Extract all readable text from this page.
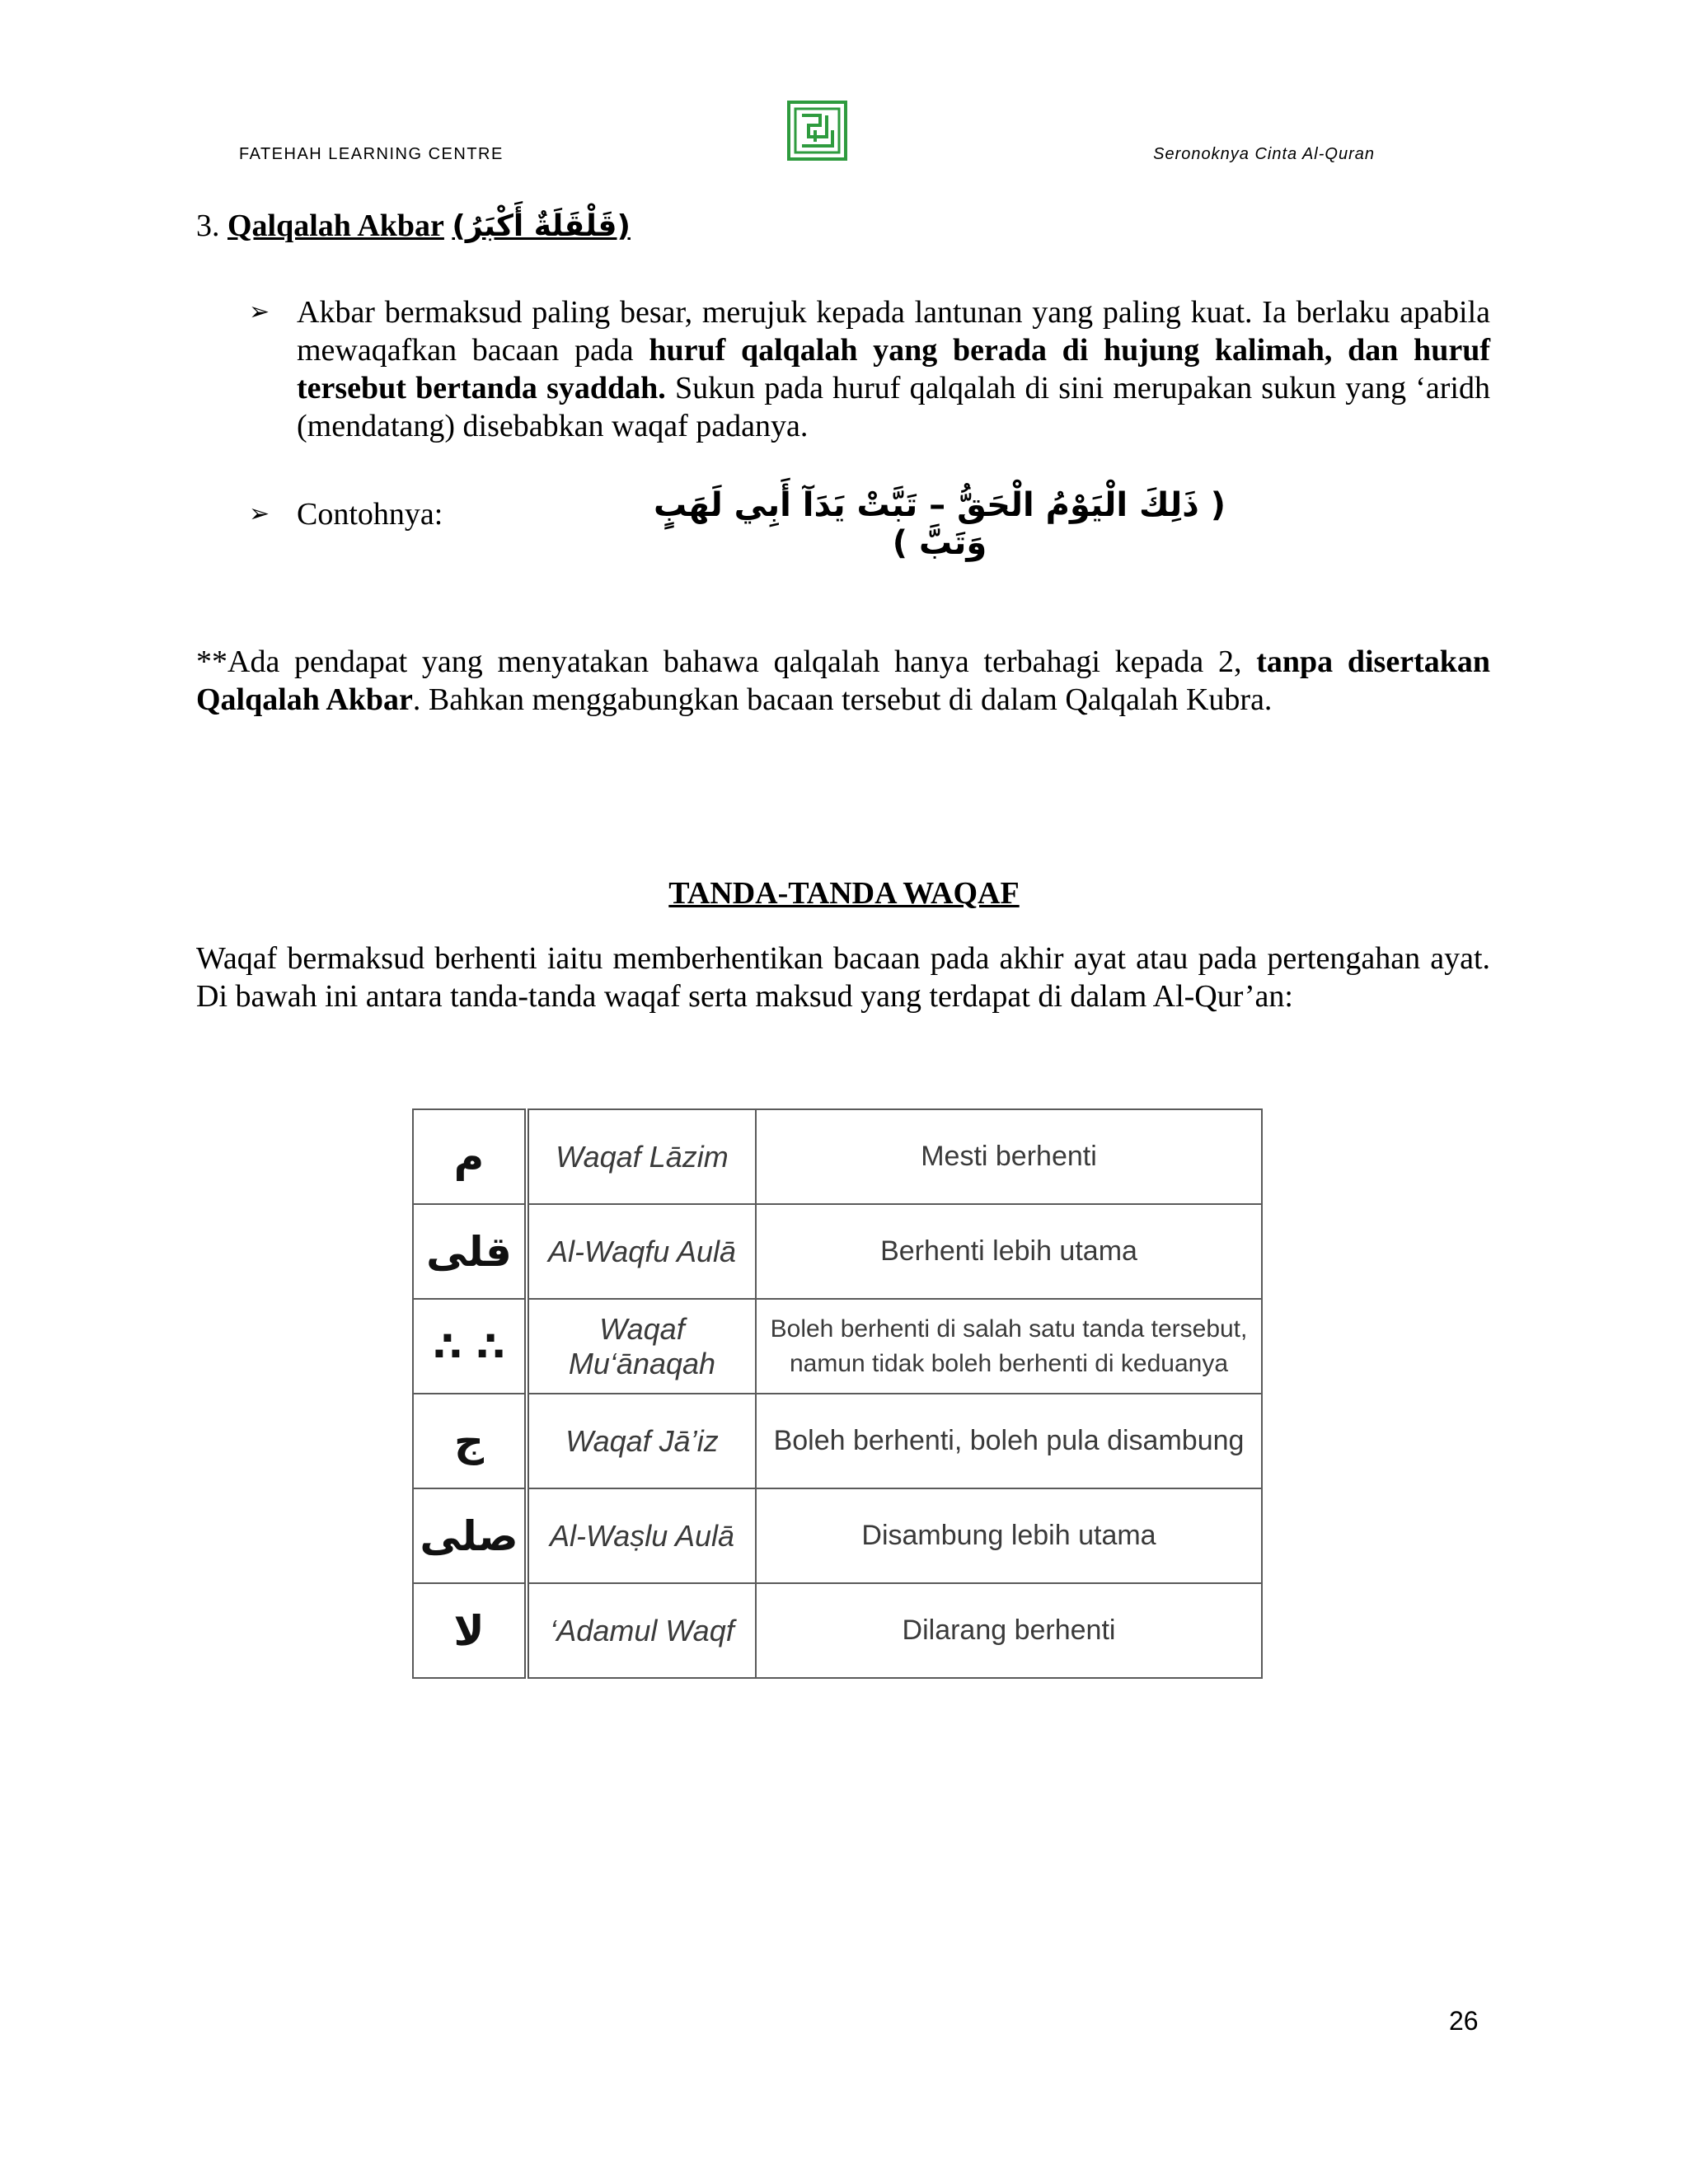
FATEHAH LEARNING CENTRE	Seronoknya Cinta Al-Quran
3. Qalqalah Akbar (قَلْقَلَةٌ أَكْبَرُ)
➢ Akbar bermaksud paling besar, merujuk kepada lantunan yang paling kuat. Ia berlaku apabila mewaqafkan bacaan pada huruf qalqalah yang berada di hujung kalimah, dan huruf tersebut bertanda syaddah. Sukun pada huruf qalqalah di sini merupakan sukun yang ‘aridh (mendatang) disebabkan waqaf padanya.
➢ Contohnya:	( ذَلِكَ الْيَوْمُ الْحَقُّ – تَبَّتْ يَدَآ أَبِي لَهَبٍ وَتَبَّ )
**Ada pendapat yang menyatakan bahawa qalqalah hanya terbahagi kepada 2, tanpa disertakan Qalqalah Akbar. Bahkan menggabungkan bacaan tersebut di dalam Qalqalah Kubra.
TANDA-TANDA WAQAF
Waqaf bermaksud berhenti iaitu memberhentikan bacaan pada akhir ayat atau pada pertengahan ayat. Di bawah ini antara tanda-tanda waqaf serta maksud yang terdapat di dalam Al-Qur’an:
م	Waqaf Lāzim	Mesti berhenti
قلى	Al-Waqfu Aulā	Berhenti lebih utama
∴ ∴	Waqaf Mu‘ānaqah	Boleh berhenti di salah satu tanda tersebut, namun tidak boleh berhenti di keduanya
ج	Waqaf Jā’iz	Boleh berhenti, boleh pula disambung
صلى	Al-Waṣlu Aulā	Disambung lebih utama
لا	‘Adamul Waqf	Dilarang berhenti
26
